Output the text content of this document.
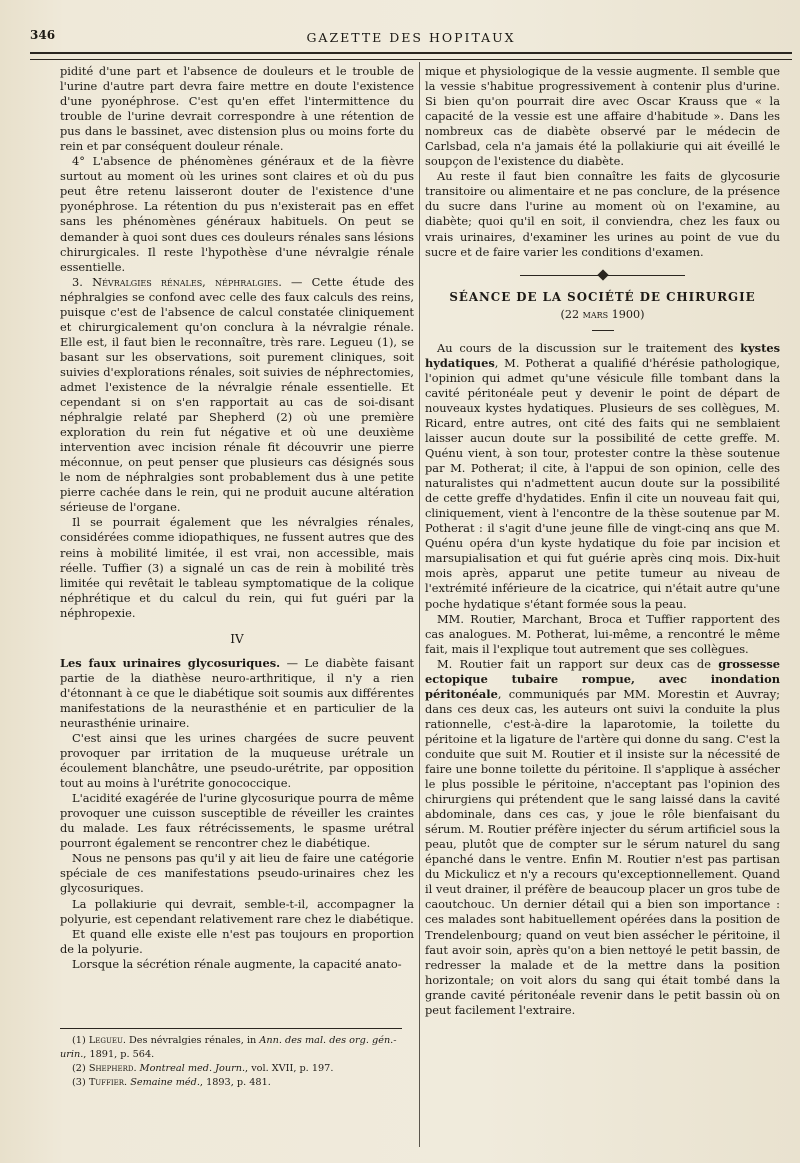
346	GAZETTE DES HOPITAUX

pidité d'une part et l'absence de douleurs et le trouble de l'urine d'autre part devra faire mettre en doute l'existence d'une pyonéphrose. C'est qu'en effet l'intermittence du trouble de l'urine devrait correspondre à une rétention de pus dans le bassinet, avec distension plus ou moins forte du rein et par conséquent douleur rénale.

4° L'absence de phénomènes généraux et de la fièvre surtout au moment où les urines sont claires et où du pus peut être retenu laisseront douter de l'existence d'une pyonéphrose. La rétention du pus n'existerait pas en effet sans les phénomènes généraux habituels. On peut se demander à quoi sont dues ces douleurs rénales sans lésions chirurgicales. Il reste l'hypothèse d'une névralgie rénale essentielle.

3. Névralgies rénales, néphralgies. — Cette étude des néphralgies se confond avec celle des faux calculs des reins, puisque c'est de l'absence de calcul constatée cliniquement et chirurgicalement qu'on conclura à la névralgie rénale. Elle est, il faut bien le reconnaître, très rare. Legueu (1), se basant sur les observations, soit purement cliniques, soit suivies d'explorations rénales, soit suivies de néphrectomies, admet l'existence de la névralgie rénale essentielle. Et cependant si on s'en rapportait au cas de soi-disant néphralgie relaté par Shepherd (2) où une première exploration du rein fut négative et où une deuxième intervention avec incision rénale fit découvrir une pierre méconnue, on peut penser que plusieurs cas désignés sous le nom de néphralgies sont probablement dus à une petite pierre cachée dans le rein, qui ne produit aucune altération sérieuse de l'organe.

Il se pourrait également que les névralgies rénales, considérées comme idiopathiques, ne fussent autres que des reins à mobilité limitée, il est vrai, non accessible, mais réelle. Tuffier (3) a signalé un cas de rein à mobilité très limitée qui revêtait le tableau symptomatique de la colique néphrétique et du calcul du rein, qui fut guéri par la néphropexie.

IV

Les faux urinaires glycosuriques. — Le diabète faisant partie de la diathèse neuro-arthritique, il n'y a rien d'étonnant à ce que le diabétique soit soumis aux différentes manifestations de la neurasthénie et en particulier de la neurasthénie urinaire.

C'est ainsi que les urines chargées de sucre peuvent provoquer par irritation de la muqueuse urétrale un écoulement blanchâtre, une pseudo-urétrite, par opposition tout au moins à l'urétrite gonococcique.

L'acidité exagérée de l'urine glycosurique pourra de même provoquer une cuisson susceptible de réveiller les craintes du malade. Les faux rétrécissements, le spasme urétral pourront également se rencontrer chez le diabétique.

Nous ne pensons pas qu'il y ait lieu de faire une catégorie spéciale de ces manifestations pseudo-urinaires chez les glycosuriques.

La pollakiurie qui devrait, semble-t-il, accompagner la polyurie, est cependant relativement rare chez le diabétique.

Et quand elle existe elle n'est pas toujours en proportion de la polyurie.

Lorsque la sécrétion rénale augmente, la capacité anato-

(1) Legueu. Des névralgies rénales, in Ann. des mal. des org. gén.-urin., 1891, p. 564.
(2) Shepherd. Montreal med. Journ., vol. XVII, p. 197.
(3) Tuffier. Semaine méd., 1893, p. 481.

mique et physiologique de la vessie augmente. Il semble que la vessie s'habitue progressivement à contenir plus d'urine. Si bien qu'on pourrait dire avec Oscar Krauss que « la capacité de la vessie est une affaire d'habitude ». Dans les nombreux cas de diabète observé par le médecin de Carlsbad, cela n'a jamais été la pollakiurie qui ait éveillé le soupçon de l'existence du diabète.

Au reste il faut bien connaître les faits de glycosurie transitoire ou alimentaire et ne pas conclure, de la présence du sucre dans l'urine au moment où on l'examine, au diabète; quoi qu'il en soit, il conviendra, chez les faux ou vrais urinaires, d'examiner les urines au point de vue du sucre et de faire varier les conditions d'examen.

SÉANCE DE LA SOCIÉTÉ DE CHIRURGIE
(22 mars 1900)

Au cours de la discussion sur le traitement des kystes hydatiques, M. Potherat a qualifié d'hérésie pathologique, l'opinion qui admet qu'une vésicule fille tombant dans la cavité péritonéale peut y devenir le point de départ de nouveaux kystes hydatiques. Plusieurs de ses collègues, M. Ricard, entre autres, ont cité des faits qui ne semblaient laisser aucun doute sur la possibilité de cette greffe. M. Quénu vient, à son tour, protester contre la thèse soutenue par M. Potherat; il cite, à l'appui de son opinion, celle des naturalistes qui n'admettent aucun doute sur la possibilité de cette greffe d'hydatides. Enfin il cite un nouveau fait qui, cliniquement, vient à l'encontre de la thèse soutenue par M. Potherat : il s'agit d'une jeune fille de vingt-cinq ans que M. Quénu opéra d'un kyste hydatique du foie par incision et marsupialisation et qui fut guérie après cinq mois. Dix-huit mois après, apparut une petite tumeur au niveau de l'extrémité inférieure de la cicatrice, qui n'était autre qu'une poche hydatique s'étant formée sous la peau.

MM. Routier, Marchant, Broca et Tuffier rapportent des cas analogues. M. Potherat, lui-même, a rencontré le même fait, mais il l'explique tout autrement que ses collègues.

M. Routier fait un rapport sur deux cas de grossesse ectopique tubaire rompue, avec inondation péritonéale, communiqués par MM. Morestin et Auvray; dans ces deux cas, les auteurs ont suivi la conduite la plus rationnelle, c'est-à-dire la laparotomie, la toilette du péritoine et la ligature de l'artère qui donne du sang. C'est la conduite que suit M. Routier et il insiste sur la nécessité de faire une bonne toilette du péritoine. Il s'applique à assécher le plus possible le péritoine, n'acceptant pas l'opinion des chirurgiens qui prétendent que le sang laissé dans la cavité abdominale, dans ces cas, y joue le rôle bienfaisant du sérum. M. Routier préfère injecter du sérum artificiel sous la peau, plutôt que de compter sur le sérum naturel du sang épanché dans le ventre. Enfin M. Routier n'est pas partisan du Mickulicz et n'y a recours qu'exceptionnellement. Quand il veut drainer, il préfère de beaucoup placer un gros tube de caoutchouc. Un dernier détail qui a bien son importance : ces malades sont habituellement opérées dans la position de Trendelenbourg; quand on veut bien assécher le péritoine, il faut avoir soin, après qu'on a bien nettoyé le petit bassin, de redresser la malade et de la mettre dans la position horizontale; on voit alors du sang qui était tombé dans la grande cavité péritonéale revenir dans le petit bassin où on peut facilement l'extraire.
